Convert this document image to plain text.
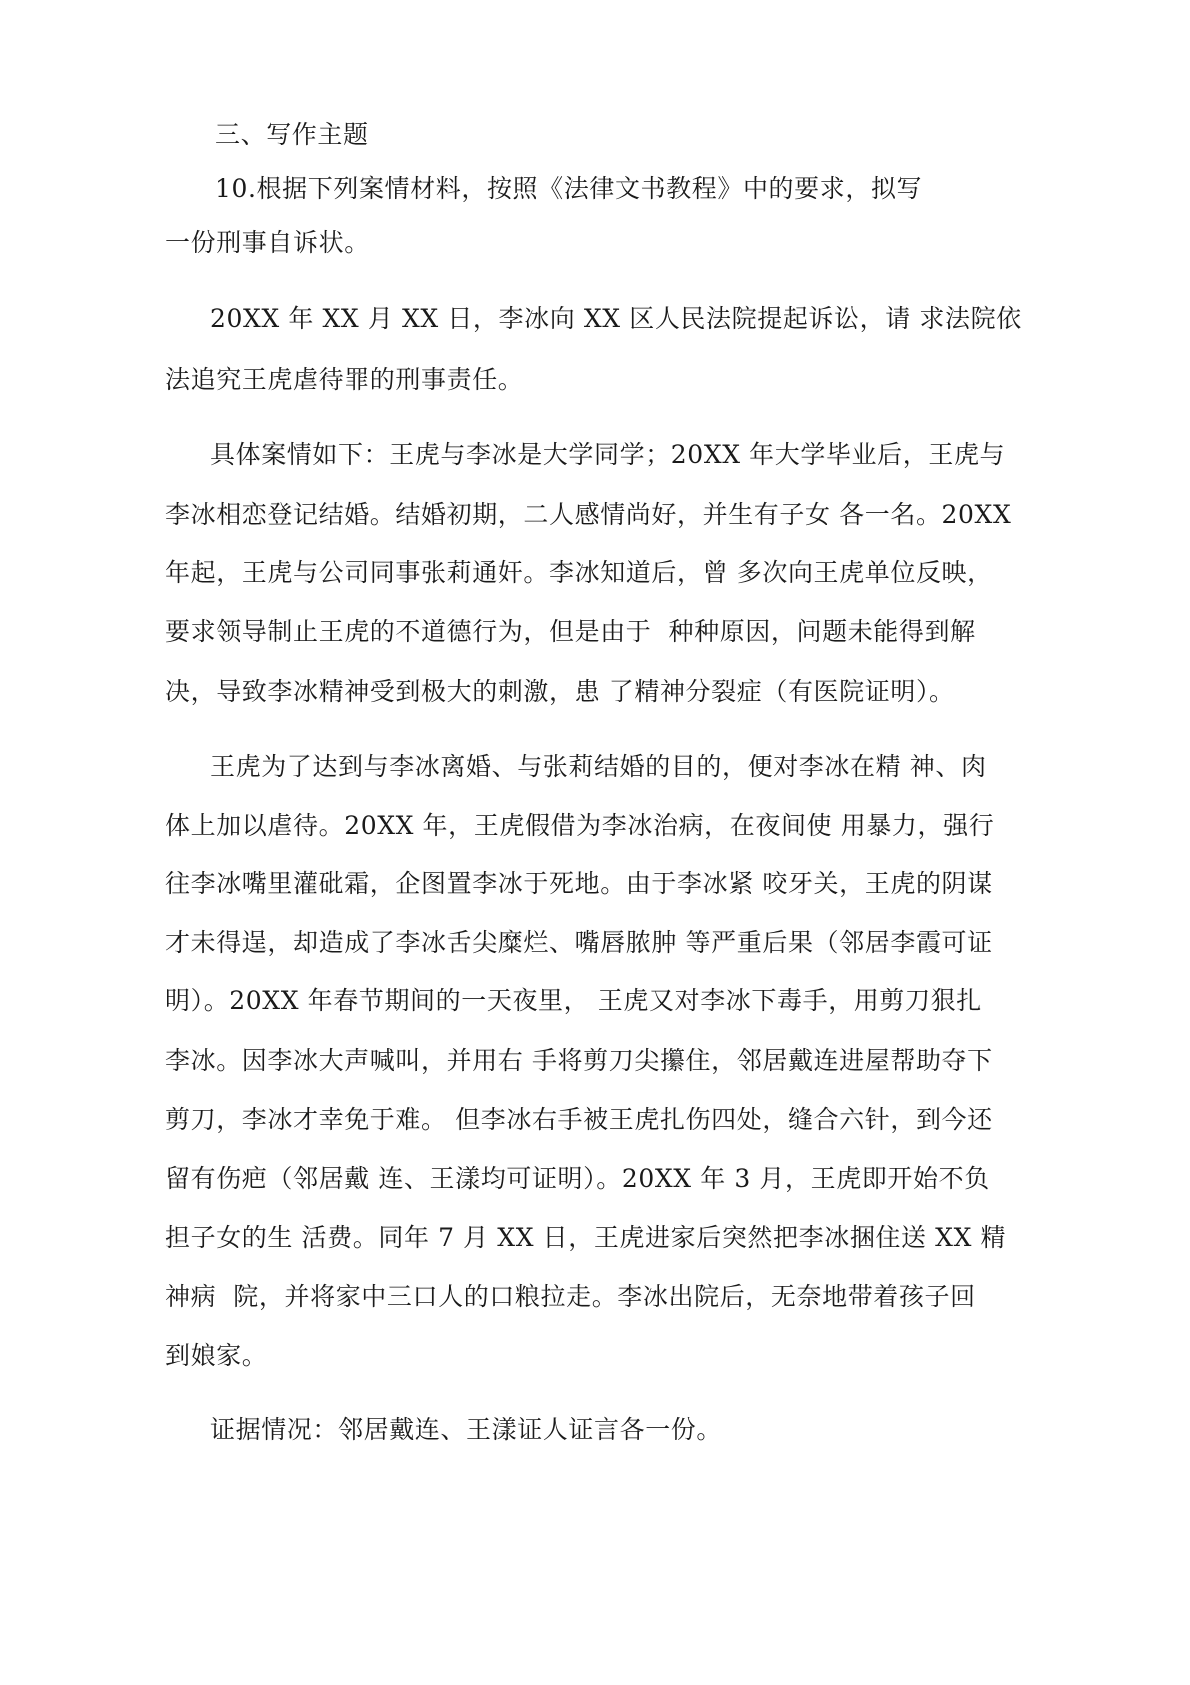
三、写作主题
10.根据下列案情材料，按照《法律文书教程》中的要求，拟写
一份刑事自诉状。
20XX 年 XX 月 XX 日，李冰向 XX 区人民法院提起诉讼，请 求法院依
法追究王虎虐待罪的刑事责任。
具体案情如下：王虎与李冰是大学同学；20XX 年大学毕业后，王虎与
李冰相恋登记结婚。结婚初期，二人感情尚好，并生有子女 各一名。20XX
年起，王虎与公司同事张莉通奸。李冰知道后，曾 多次向王虎单位反映，
要求领导制止王虎的不道德行为，但是由于  种种原因，问题未能得到解
决，导致李冰精神受到极大的刺激，患 了精神分裂症（有医院证明）。
王虎为了达到与李冰离婚、与张莉结婚的目的，便对李冰在精 神、肉
体上加以虐待。20XX 年，王虎假借为李冰治病，在夜间使 用暴力，强行
往李冰嘴里灌砒霜，企图置李冰于死地。由于李冰紧 咬牙关，王虎的阴谋
才未得逞，却造成了李冰舌尖糜烂、嘴唇脓肿 等严重后果（邻居李霞可证
明）。20XX 年春节期间的一天夜里， 王虎又对李冰下毒手，用剪刀狠扎
李冰。因李冰大声喊叫，并用右 手将剪刀尖攥住，邻居戴连进屋帮助夺下
剪刀，李冰才幸免于难。 但李冰右手被王虎扎伤四处，缝合六针，到今还
留有伤疤（邻居戴 连、王漾均可证明）。20XX 年 3 月，王虎即开始不负
担子女的生 活费。同年 7 月 XX 日，王虎进家后突然把李冰捆住送 XX 精
神病  院，并将家中三口人的口粮拉走。李冰出院后，无奈地带着孩子回
到娘家。
证据情况：邻居戴连、王漾证人证言各一份。
